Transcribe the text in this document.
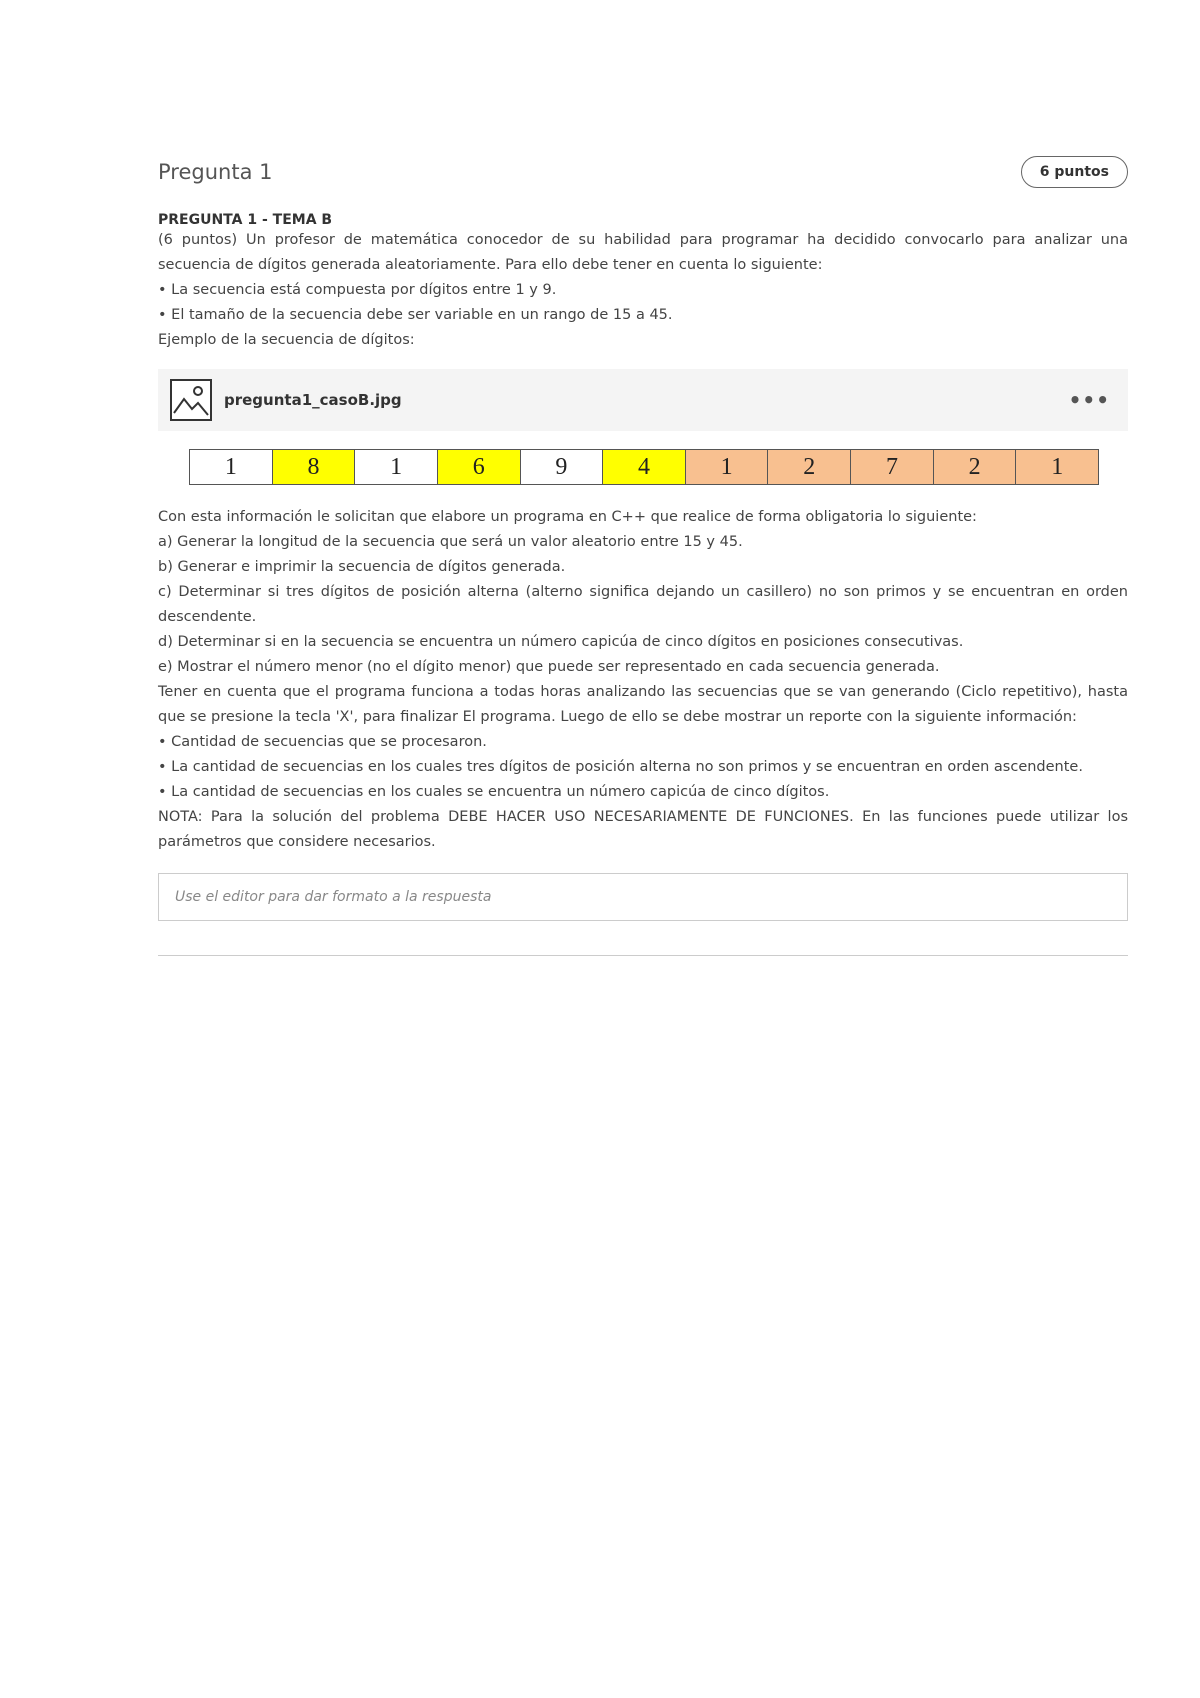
Pregunta 1	6 puntos
PREGUNTA 1 - TEMA B

(6 puntos) Un profesor de matemática conocedor de su habilidad para programar ha decidido convocarlo para analizar una secuencia de dígitos generada aleatoriamente. Para ello debe tener en cuenta lo siguiente:

• La secuencia está compuesta por dígitos entre 1 y 9.

• El tamaño de la secuencia debe ser variable en un rango de 15 a 45.

Ejemplo de la secuencia de dígitos:

pregunta1_casoB.jpg	•••
1	8	1	6	9	4	1	2	7	2	1

Con esta información le solicitan que elabore un programa en C++ que realice de forma obligatoria lo siguiente:

a) Generar la longitud de la secuencia que será un valor aleatorio entre 15 y 45.

b) Generar e imprimir la secuencia de dígitos generada.

c) Determinar si tres dígitos de posición alterna (alterno significa dejando un casillero) no son primos y se encuentran en orden descendente.

d) Determinar si en la secuencia se encuentra un número capicúa de cinco dígitos en posiciones consecutivas.

e) Mostrar el número menor (no el dígito menor) que puede ser representado en cada secuencia generada.

Tener en cuenta que el programa funciona a todas horas analizando las secuencias que se van generando (Ciclo repetitivo), hasta que se presione la tecla 'X', para finalizar El programa. Luego de ello se debe mostrar un reporte con la siguiente información:

• Cantidad de secuencias que se procesaron.

• La cantidad de secuencias en los cuales tres dígitos de posición alterna no son primos y se encuentran en orden ascendente.

• La cantidad de secuencias en los cuales se encuentra un número capicúa de cinco dígitos.

NOTA: Para la solución del problema DEBE HACER USO NECESARIAMENTE DE FUNCIONES. En las funciones puede utilizar los parámetros que considere necesarios.

Use el editor para dar formato a la respuesta
